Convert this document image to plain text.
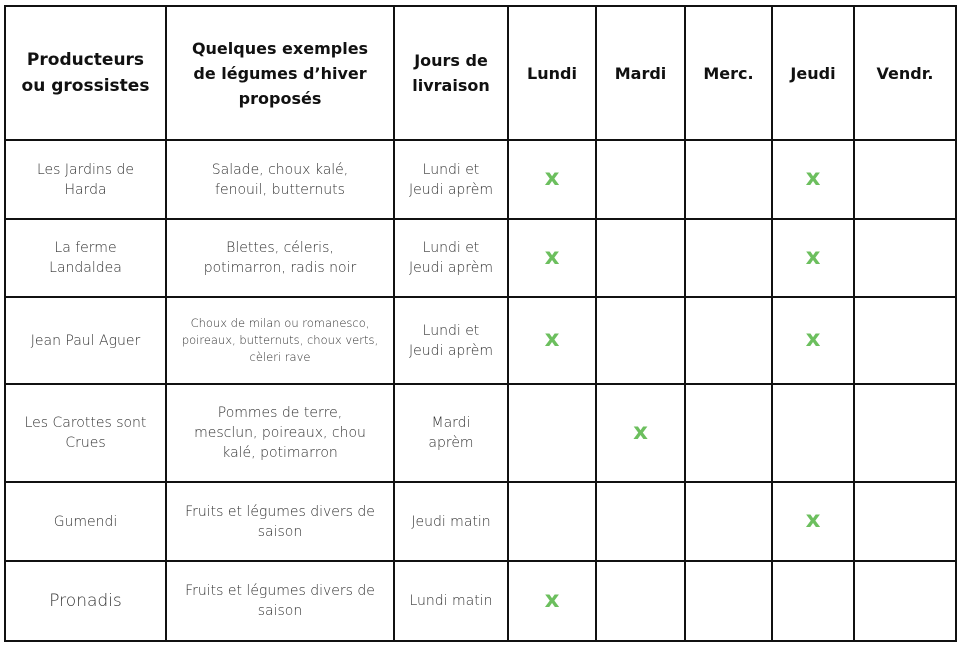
Producteurs ou grossistes	Quelques exemples de légumes d’hiver proposés	Jours de livraison	Lundi	Mardi	Merc.	Jeudi	Vendr.
Les Jardins de Harda	Salade, choux kalé, fenouil, butternuts	Lundi et Jeudi aprèm	x			x	
La ferme Landaldea	Blettes, céleris, potimarron, radis noir	Lundi et Jeudi aprèm	x			x	
Jean Paul Aguer	Choux de milan ou romanesco, poireaux, butternuts, choux verts, cèleri rave	Lundi et Jeudi aprèm	x			x	
Les Carottes sont Crues	Pommes de terre, mesclun, poireaux, chou kalé, potimarron	Mardi aprèm		x			
Gumendi	Fruits et légumes divers de saison	Jeudi matin				x	
Pronadis	Fruits et légumes divers de saison	Lundi matin	x				
